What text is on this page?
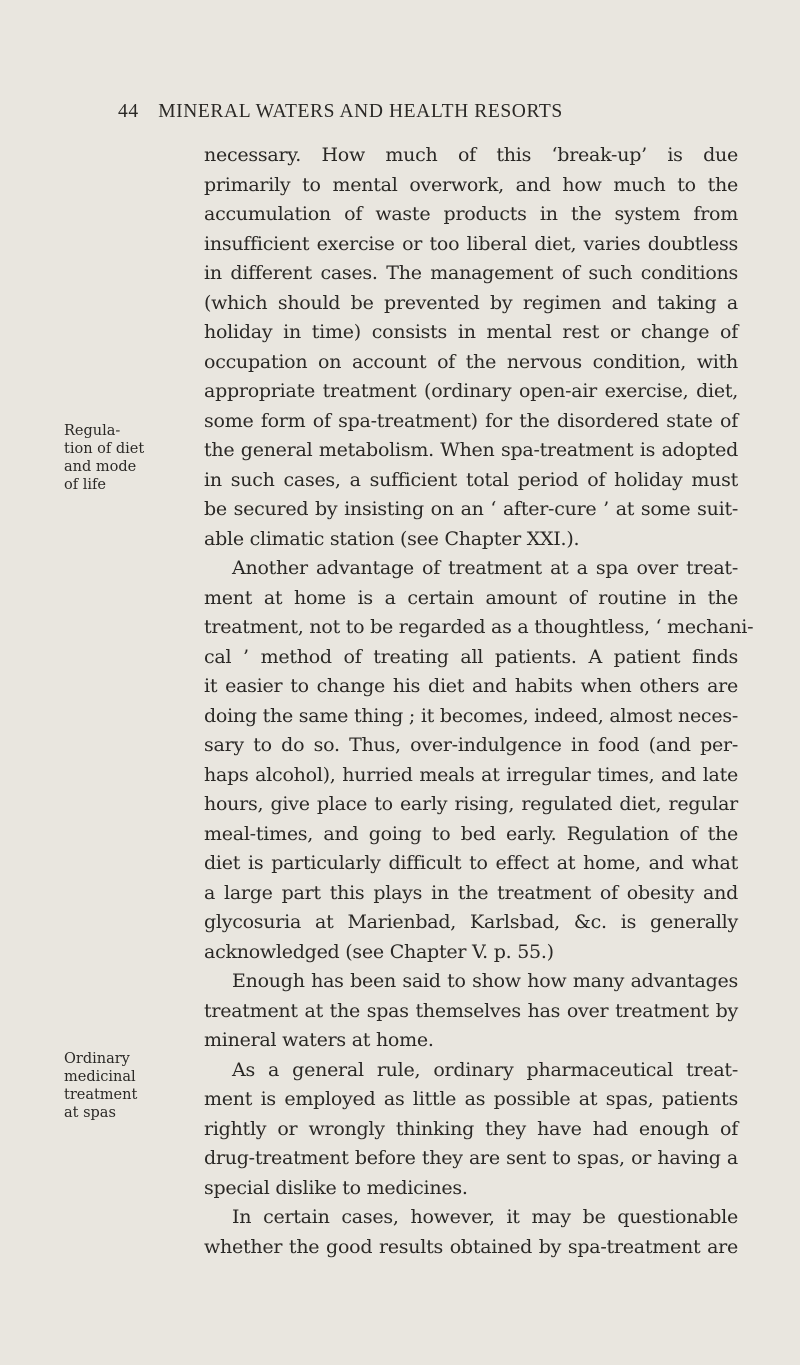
44 MINERAL WATERS AND HEALTH RESORTS
Regula-
tion of diet
and mode
of life
Ordinary
medicinal
treatment
at spas
necessary. How much of this ‘break-up’ is due
primarily to mental overwork, and how much to the
accumulation of waste products in the system from
insufficient exercise or too liberal diet, varies doubtless
in different cases. The management of such conditions
(which should be prevented by regimen and taking a
holiday in time) consists in mental rest or change of
occupation on account of the nervous condition, with
appropriate treatment (ordinary open-air exercise, diet,
some form of spa-treatment) for the disordered state of
the general metabolism. When spa-treatment is adopted
in such cases, a sufficient total period of holiday must
be secured by insisting on an ‘ after-cure ’ at some suit-
able climatic station (see Chapter XXI.).
Another advantage of treatment at a spa over treat-
ment at home is a certain amount of routine in the
treatment, not to be regarded as a thoughtless, ‘ mechani-
cal ’ method of treating all patients. A patient finds
it easier to change his diet and habits when others are
doing the same thing ; it becomes, indeed, almost neces-
sary to do so. Thus, over-indulgence in food (and per-
haps alcohol), hurried meals at irregular times, and late
hours, give place to early rising, regulated diet, regular
meal-times, and going to bed early. Regulation of the
diet is particularly difficult to effect at home, and what
a large part this plays in the treatment of obesity and
glycosuria at Marienbad, Karlsbad, &c. is generally
acknowledged (see Chapter V. p. 55.)
Enough has been said to show how many advantages
treatment at the spas themselves has over treatment by
mineral waters at home.
As a general rule, ordinary pharmaceutical treat-
ment is employed as little as possible at spas, patients
rightly or wrongly thinking they have had enough of
drug-treatment before they are sent to spas, or having a
special dislike to medicines.
In certain cases, however, it may be questionable
whether the good results obtained by spa-treatment are
